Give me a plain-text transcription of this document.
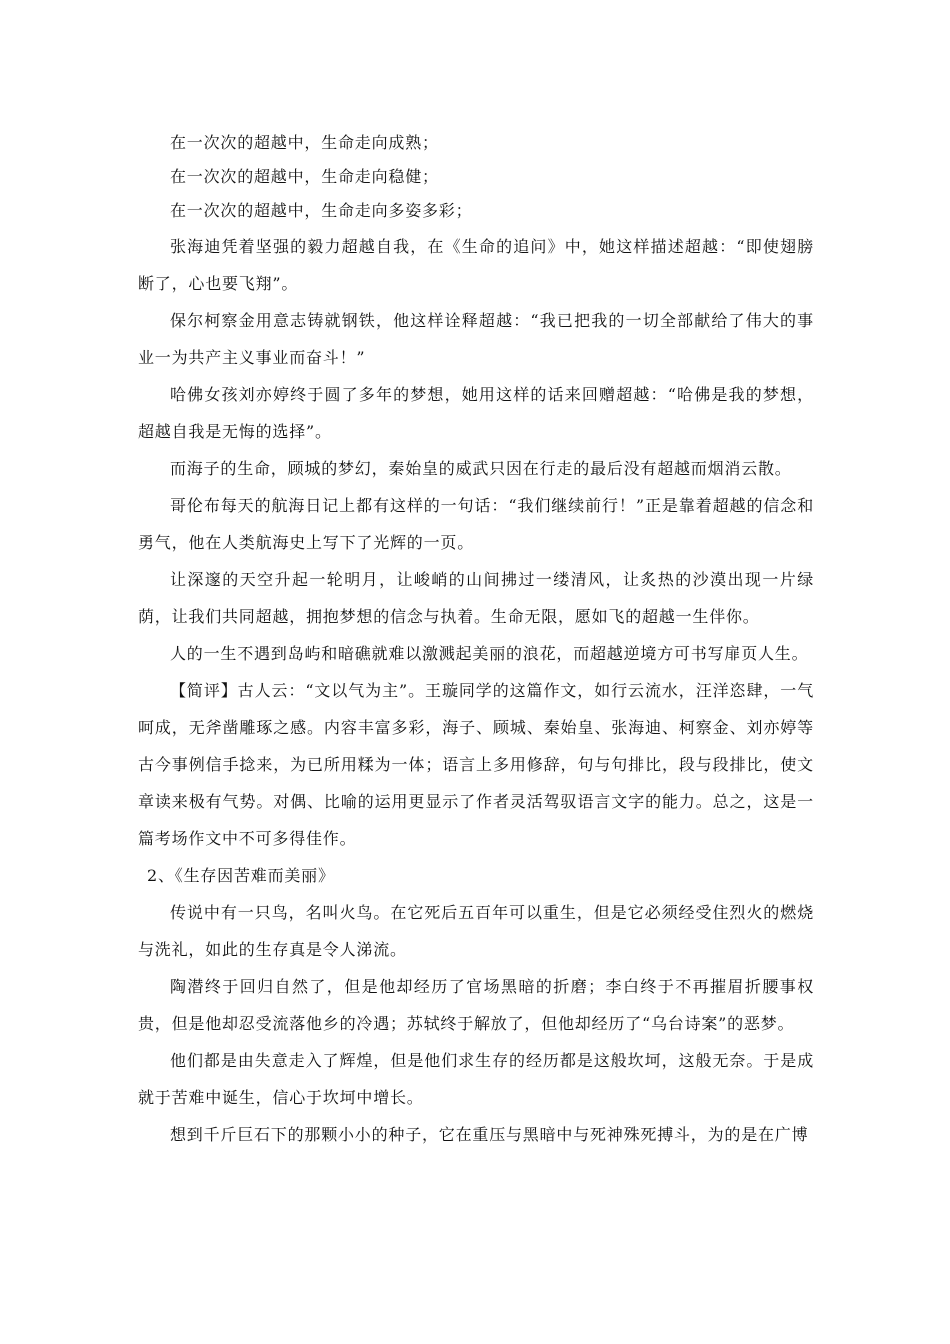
在一次次的超越中，生命走向成熟；

在一次次的超越中，生命走向稳健；

在一次次的超越中，生命走向多姿多彩；

张海迪凭着坚强的毅力超越自我，在《生命的追问》中，她这样描述超越：“即使翅膀断了，心也要飞翔”。

保尔柯察金用意志铸就钢铁，他这样诠释超越：“我已把我的一切全部献给了伟大的事业一为共产主义事业而奋斗！”

哈佛女孩刘亦婷终于圆了多年的梦想，她用这样的话来回赠超越：“哈佛是我的梦想，超越自我是无悔的选择”。

而海子的生命，顾城的梦幻，秦始皇的威武只因在行走的最后没有超越而烟消云散。

哥伦布每天的航海日记上都有这样的一句话：“我们继续前行！”正是靠着超越的信念和勇气，他在人类航海史上写下了光辉的一页。

让深邃的天空升起一轮明月，让峻峭的山间拂过一缕清风，让炙热的沙漠出现一片绿荫，让我们共同超越，拥抱梦想的信念与执着。生命无限，愿如飞的超越一生伴你。

人的一生不遇到岛屿和暗礁就难以激溅起美丽的浪花，而超越逆境方可书写扉页人生。

【简评】古人云：“文以气为主”。王璇同学的这篇作文，如行云流水，汪洋恣肆，一气呵成，无斧凿雕琢之感。内容丰富多彩，海子、顾城、秦始皇、张海迪、柯察金、刘亦婷等古今事例信手捻来，为已所用糅为一体；语言上多用修辞，句与句排比，段与段排比，使文章读来极有气势。对偶、比喻的运用更显示了作者灵活驾驭语言文字的能力。总之，这是一篇考场作文中不可多得佳作。

2、《生存因苦难而美丽》

传说中有一只鸟，名叫火鸟。在它死后五百年可以重生，但是它必须经受住烈火的燃烧与洗礼，如此的生存真是令人涕流。

陶潜终于回归自然了，但是他却经历了官场黑暗的折磨；李白终于不再摧眉折腰事权贵，但是他却忍受流落他乡的冷遇；苏轼终于解放了，但他却经历了“乌台诗案”的恶梦。

他们都是由失意走入了辉煌，但是他们求生存的经历都是这般坎坷，这般无奈。于是成就于苦难中诞生，信心于坎坷中增长。

想到千斤巨石下的那颗小小的种子，它在重压与黑暗中与死神殊死搏斗，为的是在广博
